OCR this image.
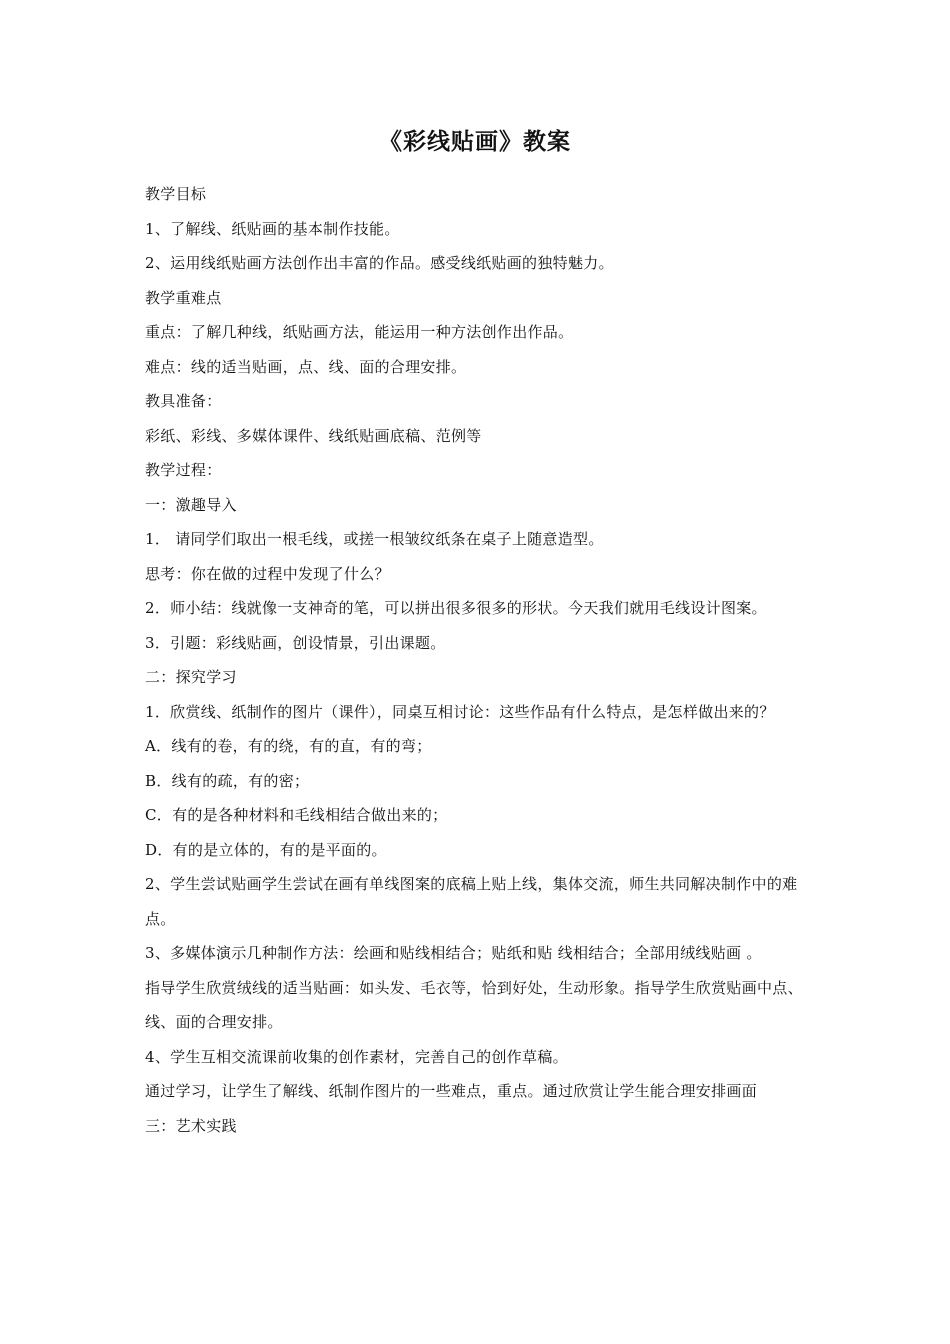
《彩线贴画》教案

教学目标

1、了解线、纸贴画的基本制作技能。

2、运用线纸贴画方法创作出丰富的作品。感受线纸贴画的独特魅力。

教学重难点

重点：了解几种线，纸贴画方法，能运用一种方法创作出作品。

难点：线的适当贴画，点、线、面的合理安排。

教具准备：

彩纸、彩线、多媒体课件、线纸贴画底稿、范例等

教学过程：

一：激趣导入

1． 请同学们取出一根毛线，或搓一根皱纹纸条在桌子上随意造型。

思考：你在做的过程中发现了什么？

2．师小结：线就像一支神奇的笔，可以拼出很多很多的形状。今天我们就用毛线设计图案。

3．引题：彩线贴画，创设情景，引出课题。

二：探究学习

1．欣赏线、纸制作的图片（课件），同桌互相讨论：这些作品有什么特点，是怎样做出来的？

A．线有的卷，有的绕，有的直，有的弯；

B．线有的疏，有的密；

C．有的是各种材料和毛线相结合做出来的；

D．有的是立体的，有的是平面的。

2、学生尝试贴画学生尝试在画有单线图案的底稿上贴上线，集体交流，师生共同解决制作中的难点。

3、多媒体演示几种制作方法：绘画和贴线相结合；贴纸和贴 线相结合；全部用绒线贴画 。

指导学生欣赏绒线的适当贴画：如头发、毛衣等，恰到好处，生动形象。指导学生欣赏贴画中点、线、面的合理安排。

4、学生互相交流课前收集的创作素材，完善自己的创作草稿。

通过学习，让学生了解线、纸制作图片的一些难点，重点。通过欣赏让学生能合理安排画面

三：艺术实践
